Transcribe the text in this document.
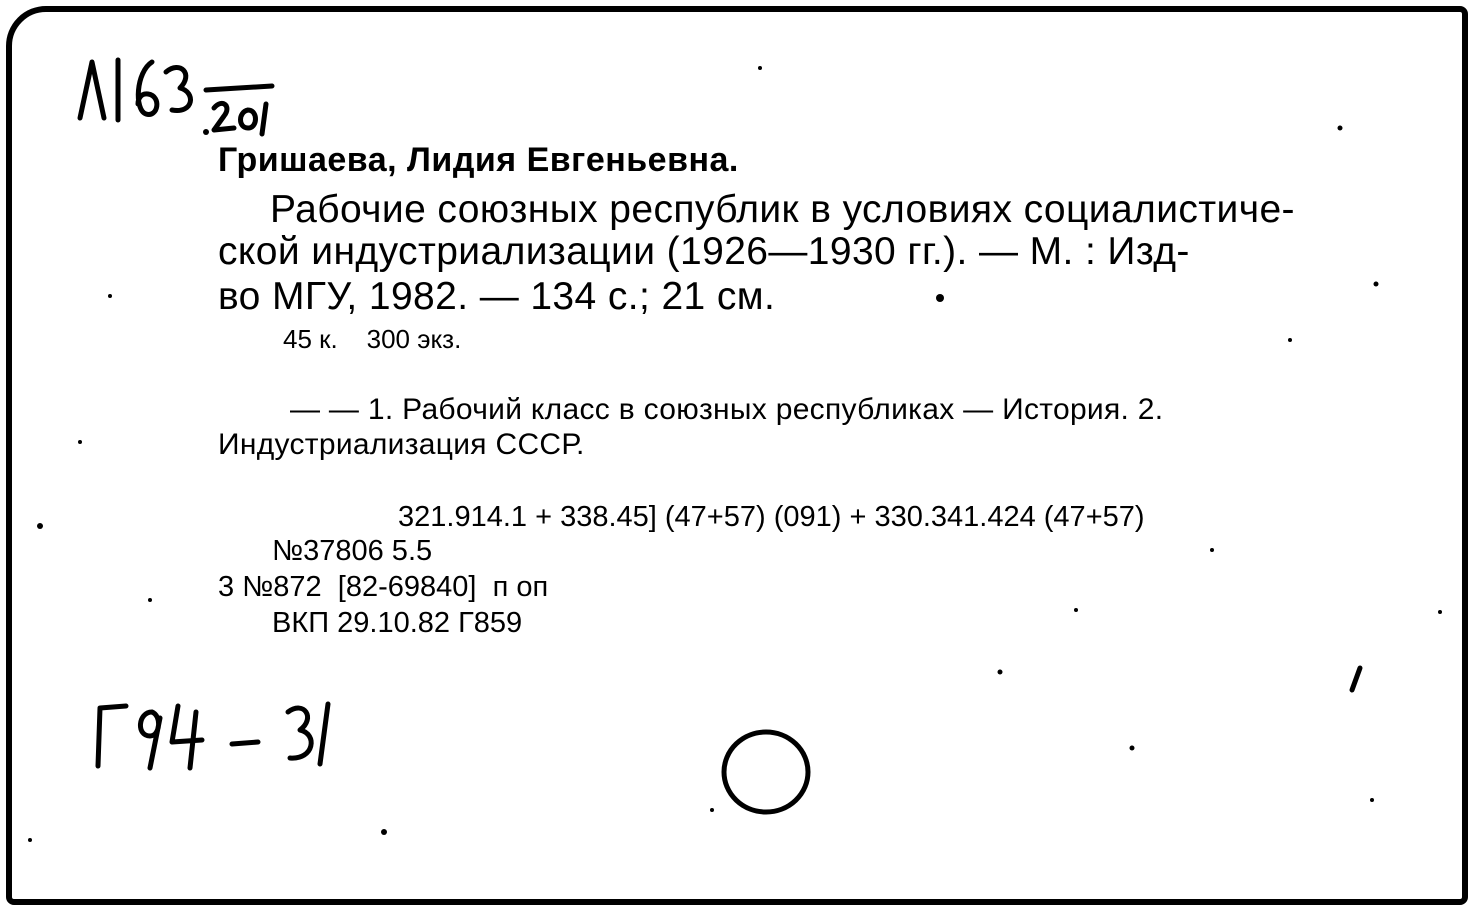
Гришаева, Лидия Евгеньевна.
Рабочие союзных республик в условиях социалистиче-
ской индустриализации (1926—1930 гг.). — М. : Изд-
во МГУ, 1982. — 134 с.; 21 см.
45 к.    300 экз.
— — 1. Рабочий класс в союзных республиках — История. 2.
Индустриализация СССР.
321.914.1 + 338.45] (47+57) (091) + 330.341.424 (47+57)
№37806 5.5
3 №872  [82-69840]  п оп
ВКП 29.10.82 Г859
